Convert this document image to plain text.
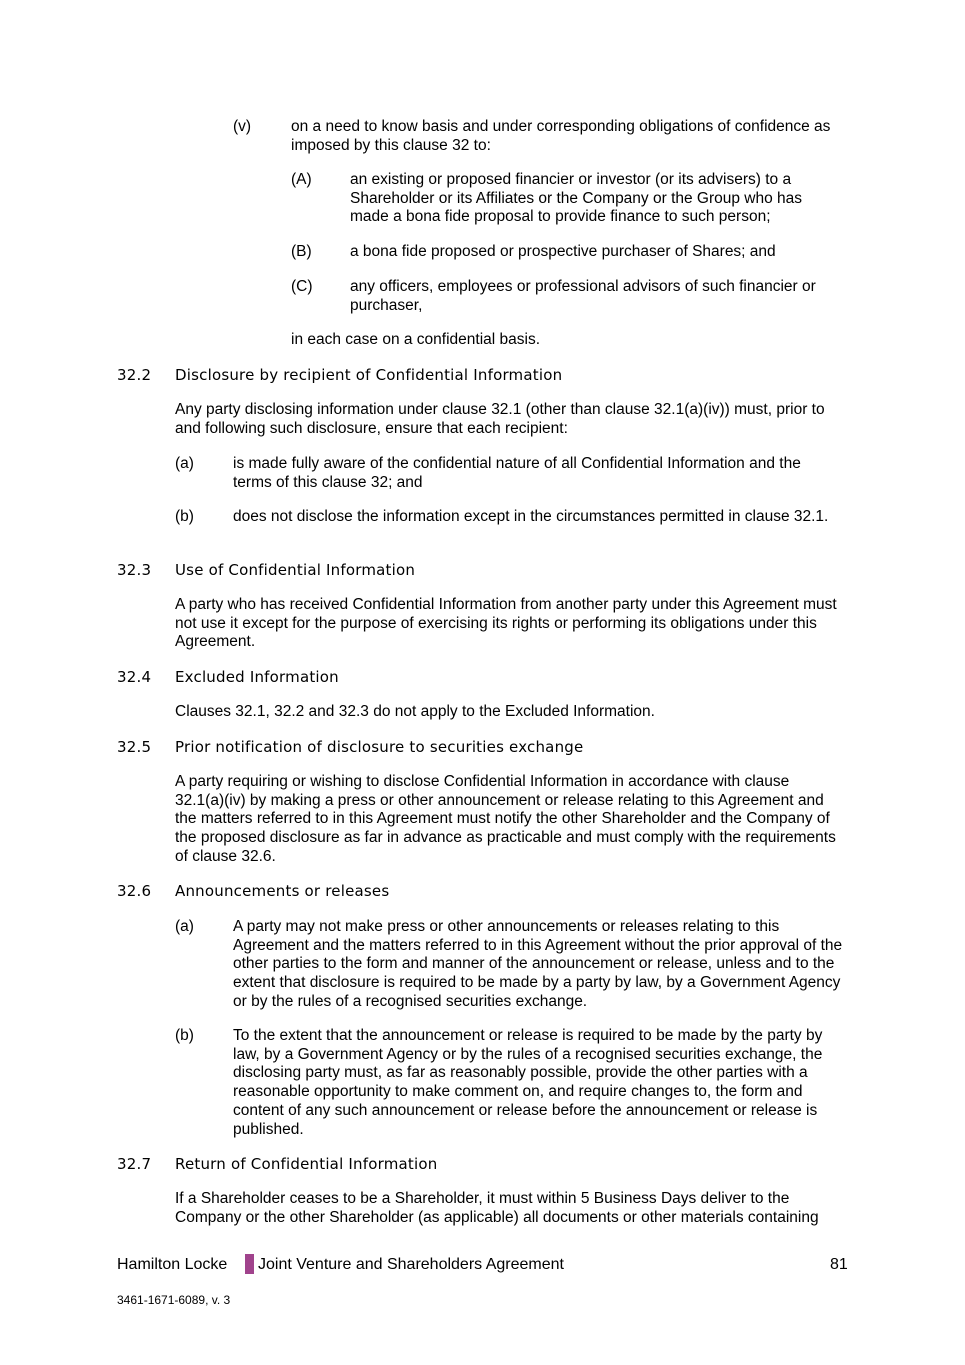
(v)	on a need to know basis and under corresponding obligations of confidence as imposed by this clause 32 to:
(A) an existing or proposed financier or investor (or its advisers) to a Shareholder or its Affiliates or the Company or the Group who has made a bona fide proposal to provide finance to such person;
(B) a bona fide proposed or prospective purchaser of Shares; and
(C) any officers, employees or professional advisors of such financier or purchaser,
in each case on a confidential basis.
32.2 Disclosure by recipient of Confidential Information
Any party disclosing information under clause 32.1 (other than clause 32.1(a)(iv)) must, prior to and following such disclosure, ensure that each recipient:
(a)	is made fully aware of the confidential nature of all Confidential Information and the terms of this clause 32; and
(b)	does not disclose the information except in the circumstances permitted in clause 32.1.
32.3 Use of Confidential Information
A party who has received Confidential Information from another party under this Agreement must not use it except for the purpose of exercising its rights or performing its obligations under this Agreement.
32.4 Excluded Information
Clauses 32.1, 32.2 and 32.3 do not apply to the Excluded Information.
32.5 Prior notification of disclosure to securities exchange
A party requiring or wishing to disclose Confidential Information in accordance with clause 32.1(a)(iv) by making a press or other announcement or release relating to this Agreement and the matters referred to in this Agreement must notify the other Shareholder and the Company of the proposed disclosure as far in advance as practicable and must comply with the requirements of clause 32.6.
32.6 Announcements or releases
(a)	A party may not make press or other announcements or releases relating to this Agreement and the matters referred to in this Agreement without the prior approval of the other parties to the form and manner of the announcement or release, unless and to the extent that disclosure is required to be made by a party by law, by a Government Agency or by the rules of a recognised securities exchange.
(b)	To the extent that the announcement or release is required to be made by the party by law, by a Government Agency or by the rules of a recognised securities exchange, the disclosing party must, as far as reasonably possible, provide the other parties with a reasonable opportunity to make comment on, and require changes to, the form and content of any such announcement or release before the announcement or release is published.
32.7 Return of Confidential Information
If a Shareholder ceases to be a Shareholder, it must within 5 Business Days deliver to the Company or the other Shareholder (as applicable) all documents or other materials containing
Hamilton Locke Joint Venture and Shareholders Agreement	81
3461-1671-6089, v. 3
